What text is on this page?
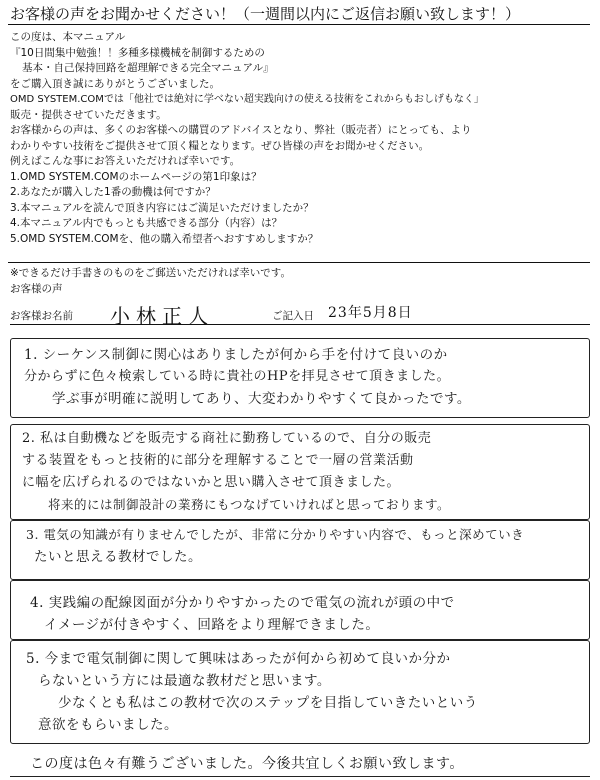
お客様の声をお聞かせください！（一週間以内にご返信お願い致します！）
この度は、本マニュアル
『10日間集中勉強！！多種多様機械を制御するための
基本・自己保持回路を超理解できる完全マニュアル』
をご購入頂き誠にありがとうございました。
OMD SYSTEM.COMでは「他社では絶対に学べない超実践向けの使える技術をこれからもおしげもなく」
販売・提供させていただきます。
お客様からの声は、多くのお客様への購買のアドバイスとなり、弊社（販売者）にとっても、より
わかりやすい技術をご提供させて頂く糧となります。ぜひ皆様の声をお聞かせください。
例えばこんな事にお答えいただければ幸いです。
1.OMD SYSTEM.COMのホームページの第1印象は？
2.あなたが購入した1番の動機は何ですか？
3.本マニュアルを読んで頂き内容にはご満足いただけましたか？
4.本マニュアル内でもっとも共感できる部分（内容）は？
5.OMD SYSTEM.COMを、他の購入希望者へおすすめしますか？
※できるだけ手書きのものをご郵送いただければ幸いです。
お客様の声
お客様お名前 小林正人	ご記入日 23年5月8日
1. シーケンス制御に関心はありましたが何から手を付けて良いのか
分からずに色々検索している時に貴社のHPを拝見させて頂きました。
学ぶ事が明確に説明してあり、大変わかりやすくて良かったです。
2. 私は自動機などを販売する商社に勤務しているので、自分の販売
する装置をもっと技術的に部分を理解することで一層の営業活動
に幅を広げられるのではないかと思い購入させて頂きました。
将来的には制御設計の業務にもつなげていければと思っております。
3. 電気の知識が有りませんでしたが、非常に分かりやすい内容で、もっと深めていき
たいと思える教材でした。
4. 実践編の配線図面が分かりやすかったので電気の流れが頭の中で
イメージが付きやすく、回路をより理解できました。
5. 今まで電気制御に関して興味はあったが何から初めて良いか分か
らないという方には最適な教材だと思います。
少なくとも私はこの教材で次のステップを目指していきたいという
意欲をもらいました。
この度は色々有難うございました。今後共宜しくお願い致します。
